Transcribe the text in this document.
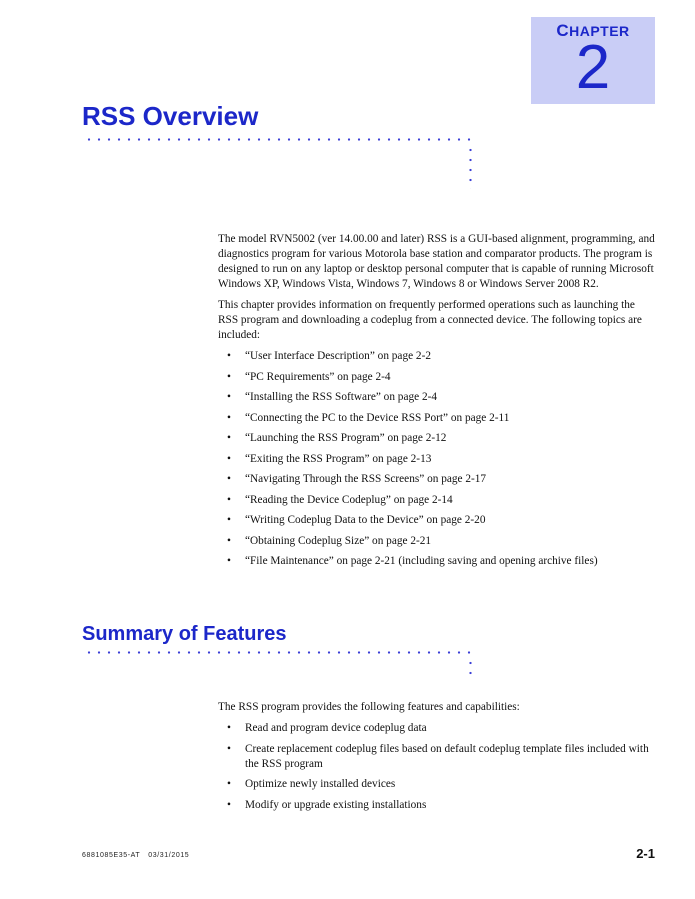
CHAPTER
2
RSS Overview

The model RVN5002 (ver 14.00.00 and later) RSS is a GUI-based alignment, programming, and diagnostics program for various Motorola base station and comparator products. The program is designed to run on any laptop or desktop personal computer that is capable of running Microsoft Windows XP, Windows Vista, Windows 7, Windows 8 or Windows Server 2008 R2.

This chapter provides information on frequently performed operations such as launching the RSS program and downloading a codeplug from a connected device. The following topics are included:

• “User Interface Description” on page 2-2
• “PC Requirements” on page 2-4
• “Installing the RSS Software” on page 2-4
• “Connecting the PC to the Device RSS Port” on page 2-11
• “Launching the RSS Program” on page 2-12
• “Exiting the RSS Program” on page 2-13
• “Navigating Through the RSS Screens” on page 2-17
• “Reading the Device Codeplug” on page 2-14
• “Writing Codeplug Data to the Device” on page 2-20
• “Obtaining Codeplug Size” on page 2-21
• “File Maintenance” on page 2-21 (including saving and opening archive files)
Summary of Features

The RSS program provides the following features and capabilities:

• Read and program device codeplug data
• Create replacement codeplug files based on default codeplug template files included with the RSS program
• Optimize newly installed devices
• Modify or upgrade existing installations
6881085E35-AT 03/31/2015	2-1
